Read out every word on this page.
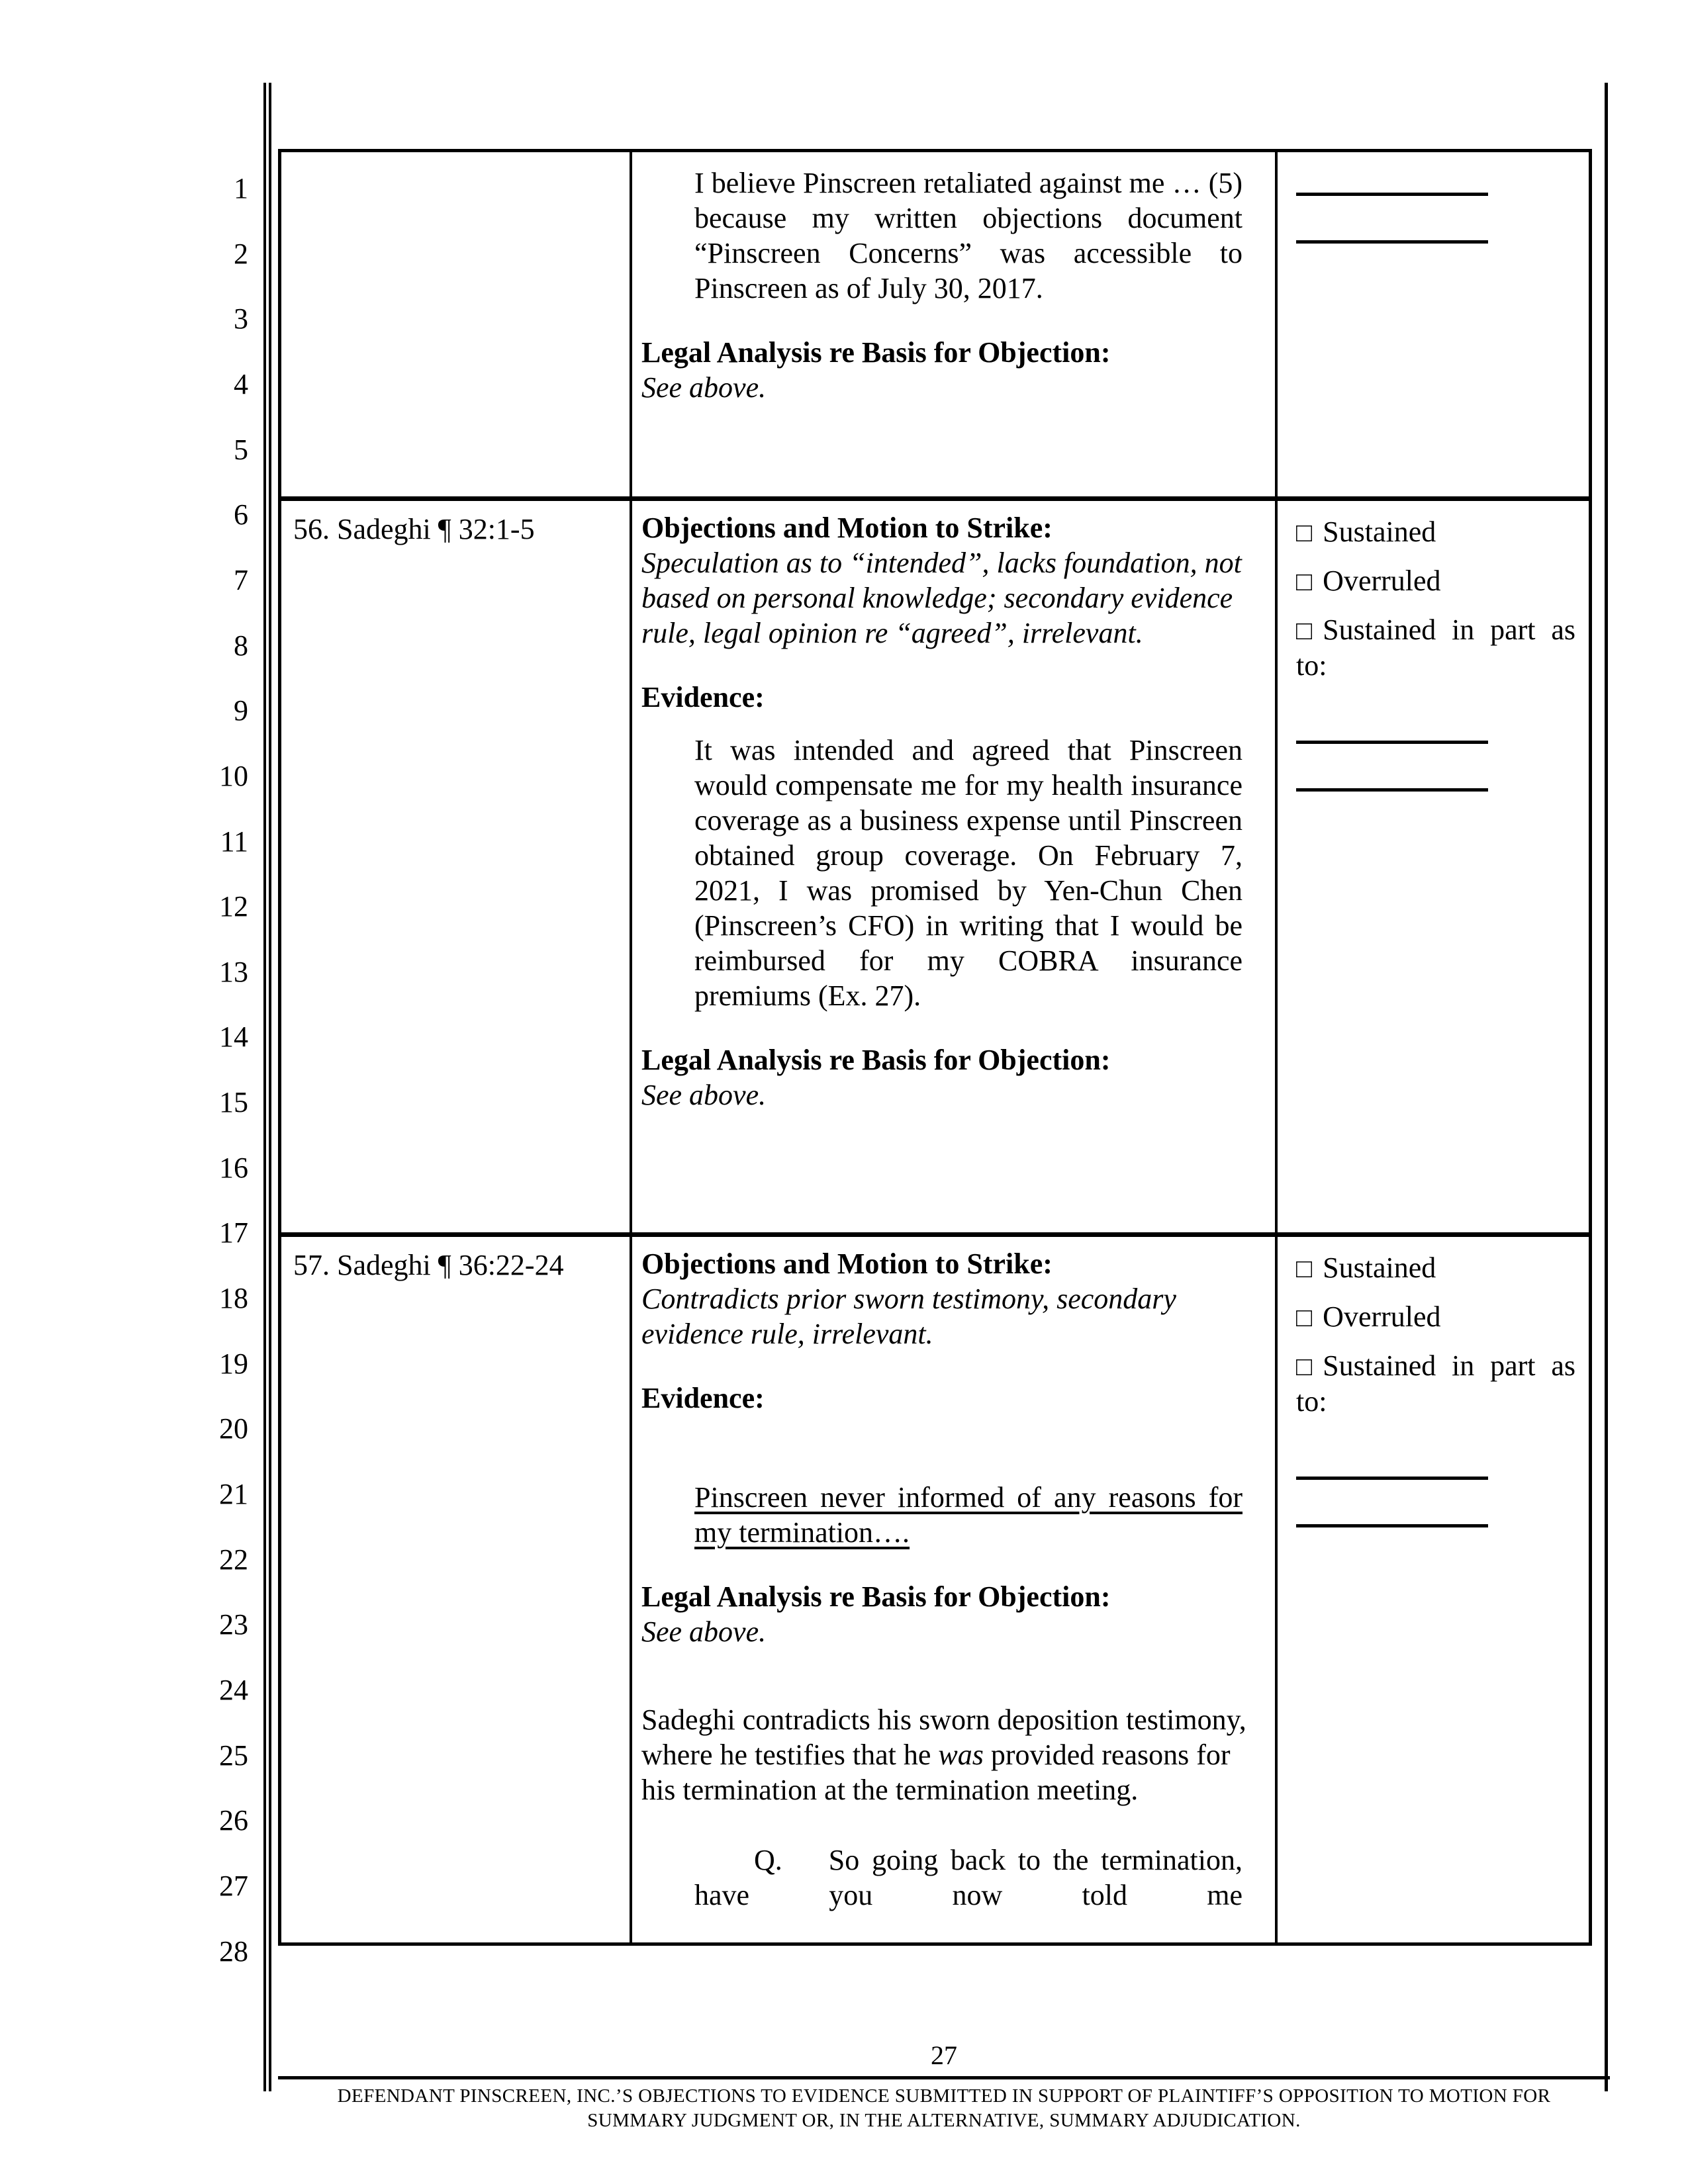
1
2
3
4
5
6
7
8
9
10
11
12
13
14
15
16
17
18
19
20
21
22
23
24
25
26
27
28
I believe Pinscreen retaliated against me … (5) because my written objections document “Pinscreen Concerns” was accessible to Pinscreen as of July 30, 2017.
Legal Analysis re Basis for Objection:
See above.
56. Sadeghi ¶ 32:1-5	Objections and Motion to Strike:
Speculation as to “intended”, lacks foundation, not based on personal knowledge; secondary evidence rule, legal opinion re “agreed”, irrelevant.
Evidence:
It was intended and agreed that Pinscreen would compensate me for my health insurance coverage as a business expense until Pinscreen obtained group coverage. On February 7, 2021, I was promised by Yen-Chun Chen (Pinscreen’s CFO) in writing that I would be reimbursed for my COBRA insurance premiums (Ex. 27).
Legal Analysis re Basis for Objection:
See above.
□ Sustained
□ Overruled
□ Sustained in part as to:
57. Sadeghi ¶ 36:22-24	Objections and Motion to Strike:
Contradicts prior sworn testimony, secondary evidence rule, irrelevant.
Evidence:
Pinscreen never informed of any reasons for my termination….
Legal Analysis re Basis for Objection:
See above.
Sadeghi contradicts his sworn deposition testimony, where he testifies that he was provided reasons for his termination at the termination meeting.
Q. So going back to the termination, have you now told me
□ Sustained
□ Overruled
□ Sustained in part as to:
27
DEFENDANT PINSCREEN, INC.’S OBJECTIONS TO EVIDENCE SUBMITTED IN SUPPORT OF PLAINTIFF’S OPPOSITION TO MOTION FOR
SUMMARY JUDGMENT OR, IN THE ALTERNATIVE, SUMMARY ADJUDICATION.
